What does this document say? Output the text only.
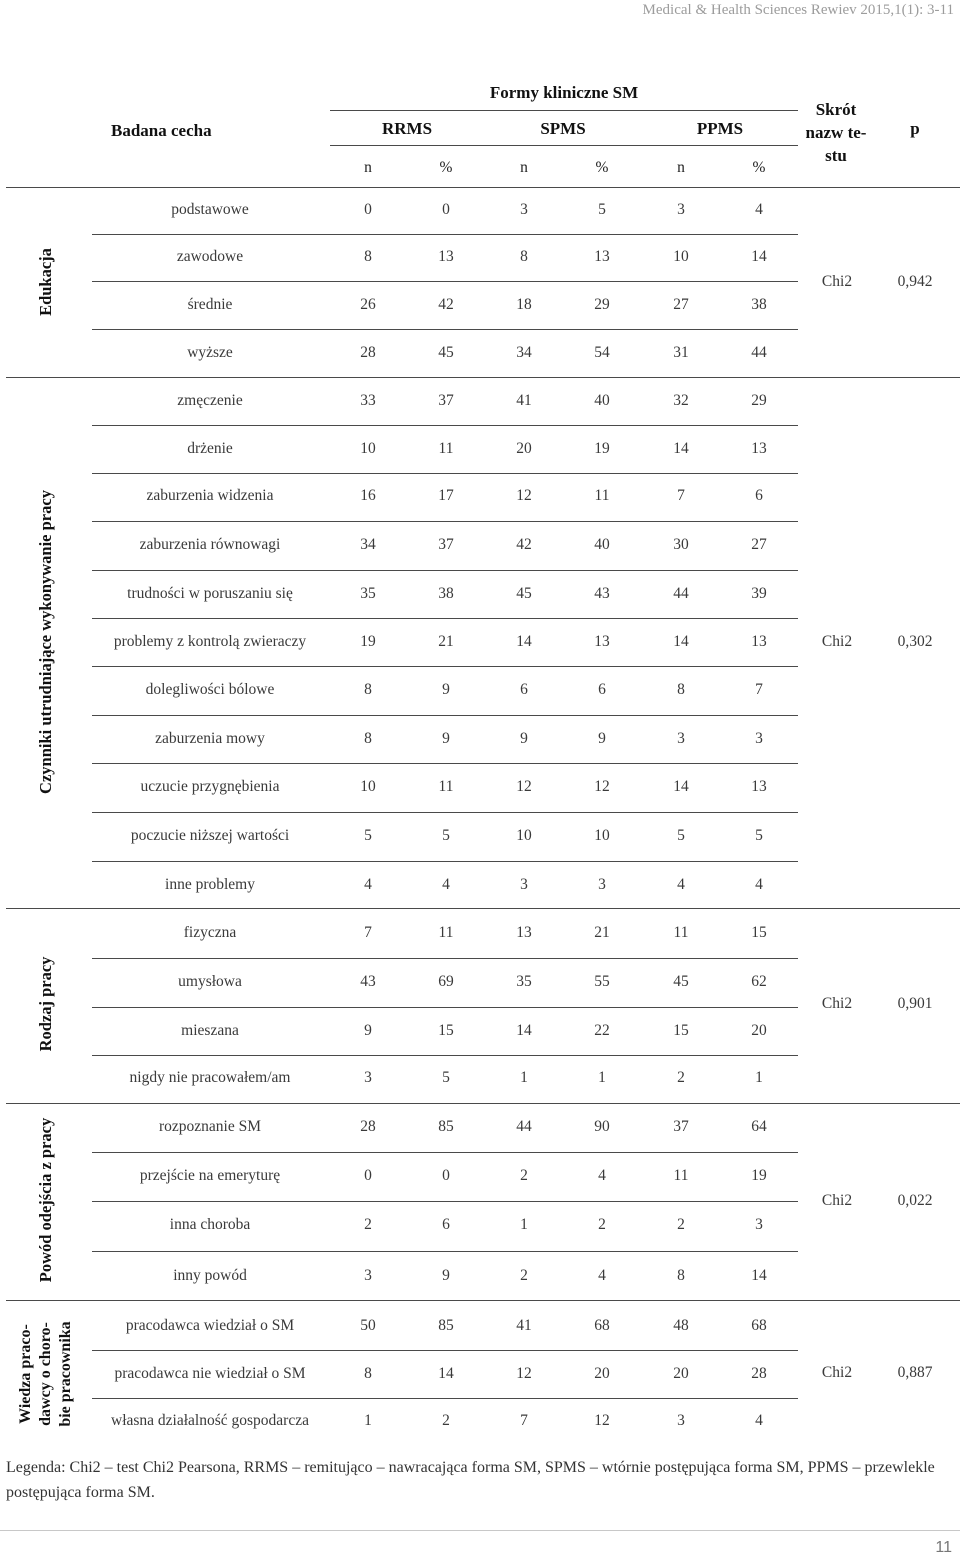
Medical & Health Sciences Rewiev 2015,1(1): 3-11
Badana cecha
Formy kliniczne SM
RRMS	SPMS	PPMS
Skrót nazw te- stu
p
n	%	n	%	n	%
Edukacja	Chi2	0,942
podstawowe	0	0	3	5	3	4
zawodowe	8	13	8	13	10	14
średnie	26	42	18	29	27	38
wyższe	28	45	34	54	31	44
Czynniki utrudniające wykonywanie pracy	Chi2	0,302
zmęczenie	33	37	41	40	32	29
drżenie	10	11	20	19	14	13
zaburzenia widzenia	16	17	12	11	7	6
zaburzenia równowagi	34	37	42	40	30	27
trudności w poruszaniu się	35	38	45	43	44	39
problemy z kontrolą zwieraczy	19	21	14	13	14	13
dolegliwości bólowe	8	9	6	6	8	7
zaburzenia mowy	8	9	9	9	3	3
uczucie przygnębienia	10	11	12	12	14	13
poczucie niższej wartości	5	5	10	10	5	5
inne problemy	4	4	3	3	4	4
Rodzaj pracy	Chi2	0,901
fizyczna	7	11	13	21	11	15
umysłowa	43	69	35	55	45	62
mieszana	9	15	14	22	15	20
nigdy nie pracowałem/am	3	5	1	1	2	1
Powód odejścia z pracy	Chi2	0,022
rozpoznanie SM	28	85	44	90	37	64
przejście na emeryturę	0	0	2	4	11	19
inna choroba	2	6	1	2	2	3
inny powód	3	9	2	4	8	14
Wiedza praco- dawcy o choro- bie pracownika	Chi2	0,887
pracodawca wiedział o SM	50	85	41	68	48	68
pracodawca nie wiedział o SM	8	14	12	20	20	28
własna działalność gospodarcza	1	2	7	12	3	4
Legenda: Chi2 – test Chi2 Pearsona, RRMS – remitująco – nawracająca forma SM, SPMS – wtórnie postępująca forma SM, PPMS – przewlekle postępująca forma SM.
11
